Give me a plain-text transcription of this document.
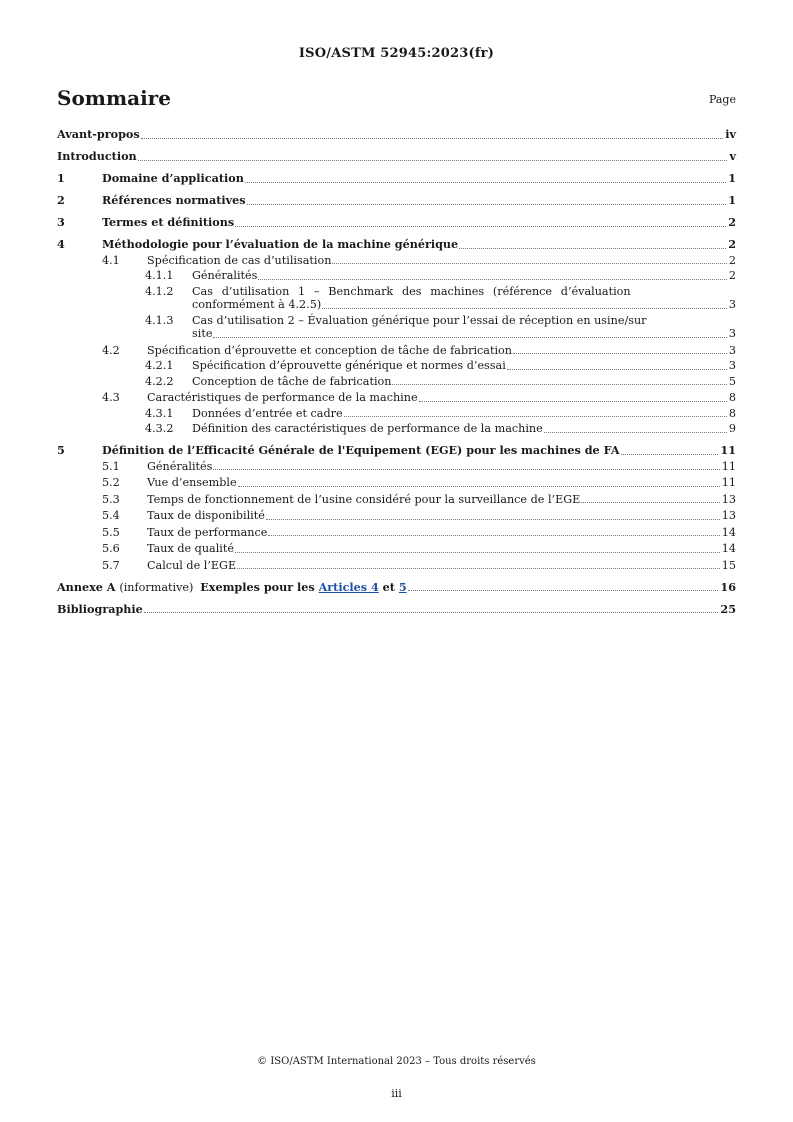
ISO/ASTM 52945:2023(fr)
Sommaire	Page
Avant-propos	iv
Introduction	v
1	Domaine d’application	1
2	Références normatives	1
3	Termes et définitions	2
4	Méthodologie pour l’évaluation de la machine générique	2
4.1 Spécification de cas d’utilisation	2
4.1.1 Généralités	2
4.1.2 Cas d’utilisation 1 – Benchmark des machines (référence d’évaluation
conformément à 4.2.5)	3
4.1.3 Cas d’utilisation 2 – Évaluation générique pour l’essai de réception en usine/sur
site	3
4.2 Spécification d’éprouvette et conception de tâche de fabrication	3
4.2.1 Spécification d’éprouvette générique et normes d’essai	3
4.2.2 Conception de tâche de fabrication	5
4.3 Caractéristiques de performance de la machine	8
4.3.1 Données d’entrée et cadre	8
4.3.2 Définition des caractéristiques de performance de la machine	9
5	Définition de l’Efficacité Générale de l'Equipement (EGE) pour les machines de FA	11
5.1 Généralités	11
5.2 Vue d’ensemble	11
5.3 Temps de fonctionnement de l’usine considéré pour la surveillance de l’EGE	13
5.4 Taux de disponibilité	13
5.5 Taux de performance	14
5.6 Taux de qualité	14
5.7 Calcul de l’EGE	15
Annexe A (informative) Exemples pour les Articles 4 et 5	16
Bibliographie	25
© ISO/ASTM International 2023 – Tous droits réservés
iii
